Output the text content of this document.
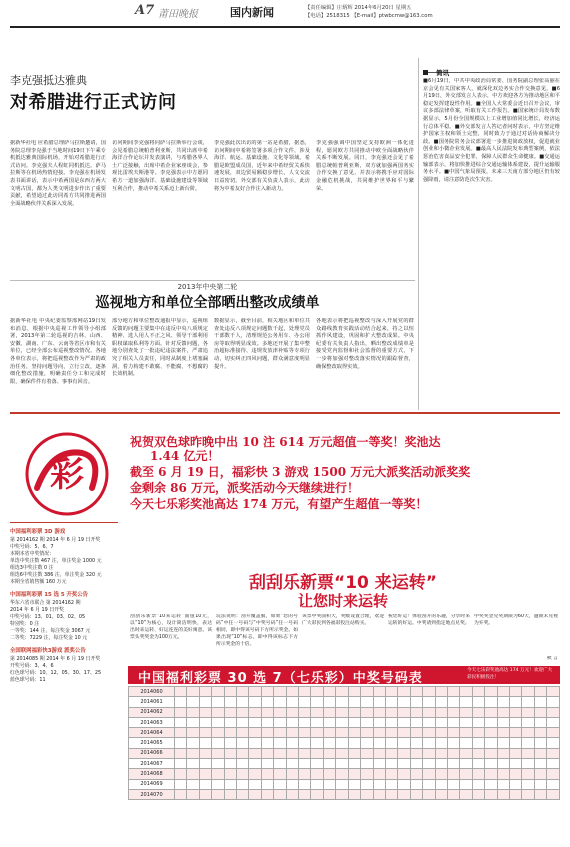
A7 莆田晚报	国内新闻	【责任编辑】庄炳辉 2014年6月20日 星期五
【电话】2518315 【E-mail】ptwbcmw@163.com
李克强抵达雅典
对希腊进行正式访问
据新华社电 应希腊总理萨马拉斯邀请，国务院总理李克强于当地时间19日下午乘专机抵达雅典国际机场，开始对希腊进行正式访问。李克强夫人程虹同机抵达。萨马拉斯等在机场热情迎接。李克强在机场发表书面讲话，表示中希两国是东西方两大文明古国，都为人类文明进步作出了重要贡献，希望通过此访同希方共同推进两国全面战略伙伴关系深入发展。
访问期间李克强将同萨马拉斯举行会谈，会见希腊总统帕普利亚斯，共同出席中希海洋合作论坛并发表演讲，与希腊各界人士广泛接触，出席中希企业家座谈会，参观比雷埃夫斯港等。李克强表示中方愿同希方一道加强海洋、基础设施建设等领域互利合作，推动中希关系迈上新台阶。
李克强此次出访的第一站是希腊，据悉，访问期间中希将签署多项合作文件，涉及海洋、航运、基础设施、文化等领域。希腊是欧盟成员国，近年来中希经贸关系快速发展，双边贸易额稳步增长，人文交流日益密切。外交部有关负责人表示，此访将为中希友好合作注入新动力。
李克强强调中国坚定支持欧洲一体化进程，愿同欧方共同推动中欧全面战略伙伴关系不断发展。同日，李克强还会见了希腊总统帕普利亚斯，双方就加强两国务实合作交换了意见，并表示将携手应对国际金融危机挑战，共同维护世界和平与繁荣。
2013年中央第二轮
巡视地方和单位全部晒出整改成绩单
据新华社电 中央纪委监察部网站19日发布消息，根据中央巡视工作领导小组部署，2013年第二轮巡视的吉林、山西、安徽、湖南、广东、云南等省区市和有关单位，已经全部公布巡视整改情况。各地各单位表示，将把巡视整改作为严肃的政治任务，坚持问题导向，立行立改，逐条细化整改措施，明确责任分工和完成时限，确保件件有着落、事事有回音。
部分地方和单位整改通报中显示，巡视组反馈的问题主要集中在违反中央八项规定精神、选人用人不正之风、领导干部利用职权谋取私利等方面。针对反馈问题，各地分别查处了一批违纪违法案件，严肃追究了相关人员责任，同时从制度上堵塞漏洞，着力构建不敢腐、不能腐、不想腐的长效机制。
数据显示，截至目前，相关地区和单位共查处违反八项规定问题数千起，处理党员干部数千人，清理规范公务用车、办公用房等取得明显成效。多地还开展了集中整治超标准接待、违规发放津补贴等专项行动，切实纠正四风问题，群众满意度明显提升。
各地表示将把巡视整改与深入开展党的群众路线教育实践活动结合起来，持之以恒抓作风建设，巩固和扩大整改成果。中央纪委有关负责人指出，晒出整改成绩单是接受党内监督和社会监督的重要方式，下一步将加强对整改落实情况的跟踪督查，确保整改取得实效。
简讯
■6月19日，中共中央政治局常委、国务院副总理张高丽在京会见有关国家客人，就深化双边务实合作交换意见。■6月19日，外交部发言人表示，中方欢迎各方为推动地区和平稳定发挥建设性作用。■全国人大常委会近日召开会议，审议多部法律草案，听取有关工作报告。■国家统计局发布数据显示，5月份全国规模以上工业增加值同比增长，经济运行总体平稳。■外交部发言人答记者问时表示，中方坚定维护国家主权和领土完整，同时致力于通过对话协商解决分歧。■国务院常务会议部署进一步推进简政放权，促进就业创业和小微企业发展。■最高人民法院发布典型案例，依法惩治危害食品安全犯罪，保障人民群众生命健康。■交通运输部表示，将加快推进综合交通运输体系建设，提升运输服务水平。■中国气象局预报，未来三天南方部分地区仍有较强降雨，请注意防范次生灾害。
彩
祝贺双色球昨晚中出 10 注 614 万元超值一等奖！奖池达
1.44 亿元！
截至 6 月 19 日，福彩快 3 游戏 1500 万元大派奖活动派奖奖
金剩余 86 万元，派奖活动今天继续进行！
今天七乐彩奖池高达 174 万元，有望产生超值一等奖！
中国福利彩票 3D 游戏
第 2014162 期 2014 年 6 月 19 日开奖
中奖号码：5、6、7
本期本省中奖情况：
单选中奖注数 467 注，单注奖金 1000 元
组选3中奖注数 0 注
组选6中奖注数 386 注，单注奖金 320 元
本期全省销售额 160 万元
中国福利彩票 15 选 5 开奖公告
华东六省市联合 第 2014162 期
2014 年 6 月 19 日开奖
中奖号码：13、01、03、02、05
特别奖：0 注
一等奖：144 注，每注奖金 3067 元
二等奖：7229 注，每注奖金 10 元
全国联网福彩快3游戏 派奖公告
第 2014085 期 2014 年 6 月 19 日开奖
开奖号码：3、4、6
红色球号码：10、12、05、30、17、25
蓝色球号码：11
刮刮乐新票“10 来运转”
让您时来运转
刮刮乐新票“10来运转”面值10元，以“10”为核心，设计简洁明快，表达出时来运转、好运连连的美好寓意。该票头奖奖金为100万元。
玩法说明：刮开覆盖膜，如果“您的号码”中任一号码与“中奖号码”任一号码相同，即中得该号码下方所示奖金。如果出现“10”标志，即中得该标志下方所示奖金的十倍。
该票中奖面积大，奖级设置合理，欢迎广大彩民到各福彩投注站购买。
祝您好运！体验刮开的乐趣，分享时来运转的好运。中奖请到指定地点兑奖。
中奖奖金兑奖期限为60天，逾期未兑视为弃奖。
秋 言
中国福利彩票 30 选 7（七乐彩）中奖号码表
今天七乐彩奖池高达 174 万元！欢迎广大彩民积极投注！
2014060																															
2014061																															
2014062																															
2014063																															
2014064																															
2014065																															
2014066																															
2014067																															
2014068																															
2014069																															
2014070																															
